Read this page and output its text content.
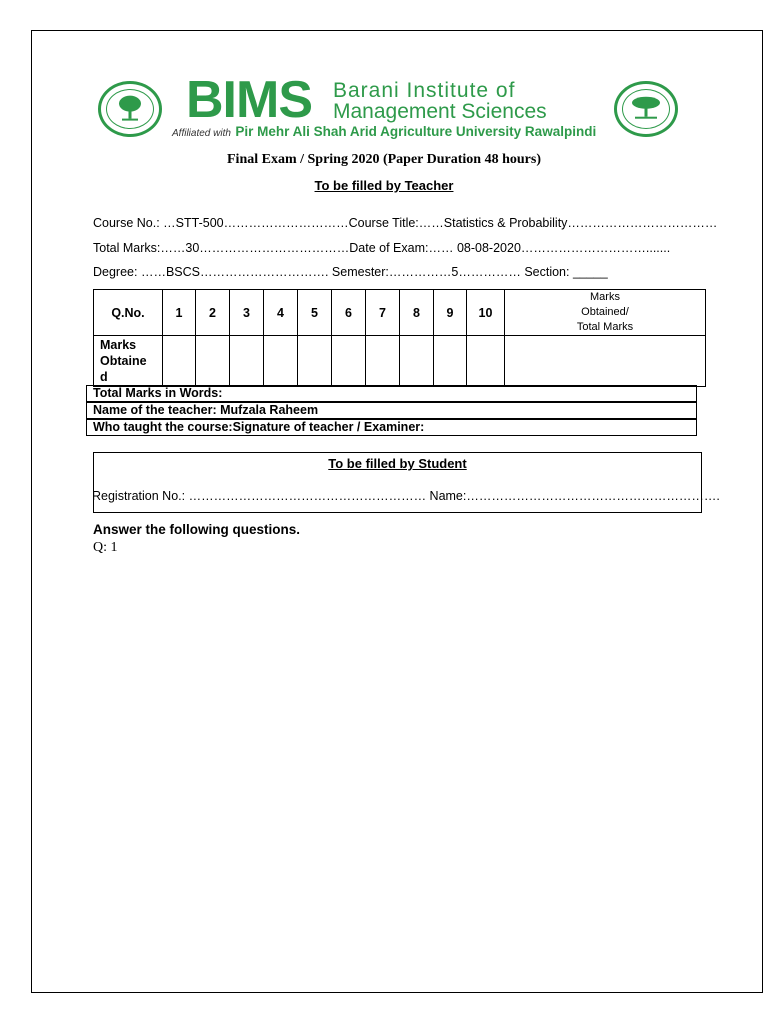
BIMS Barani Institute of
Management Sciences
Affiliated with Pir Mehr Ali Shah Arid Agriculture University Rawalpindi
Final Exam / Spring 2020 (Paper Duration 48 hours)
To be filled by Teacher
Course No.: …STT-500…………………………Course Title:……Statistics & Probability………………………………
Total Marks:……30………………………………Date of Exam:…… 08-08-2020………………………….......
Degree: ……BSCS…………………………. Semester:……………5…………… Section: _____
Q.No.	1	2	3	4	5	6	7	8	9	10	Marks
Obtained/
Total Marks

Marks
Obtaine
d											

Total Marks in Words:
Name of the teacher: Mufzala Raheem
Who taught the course:Signature of teacher / Examiner:
To be filled by Student
Registration No.: ………………………………………………… Name:…………………………………………………….
Answer the following questions.
Q: 1
